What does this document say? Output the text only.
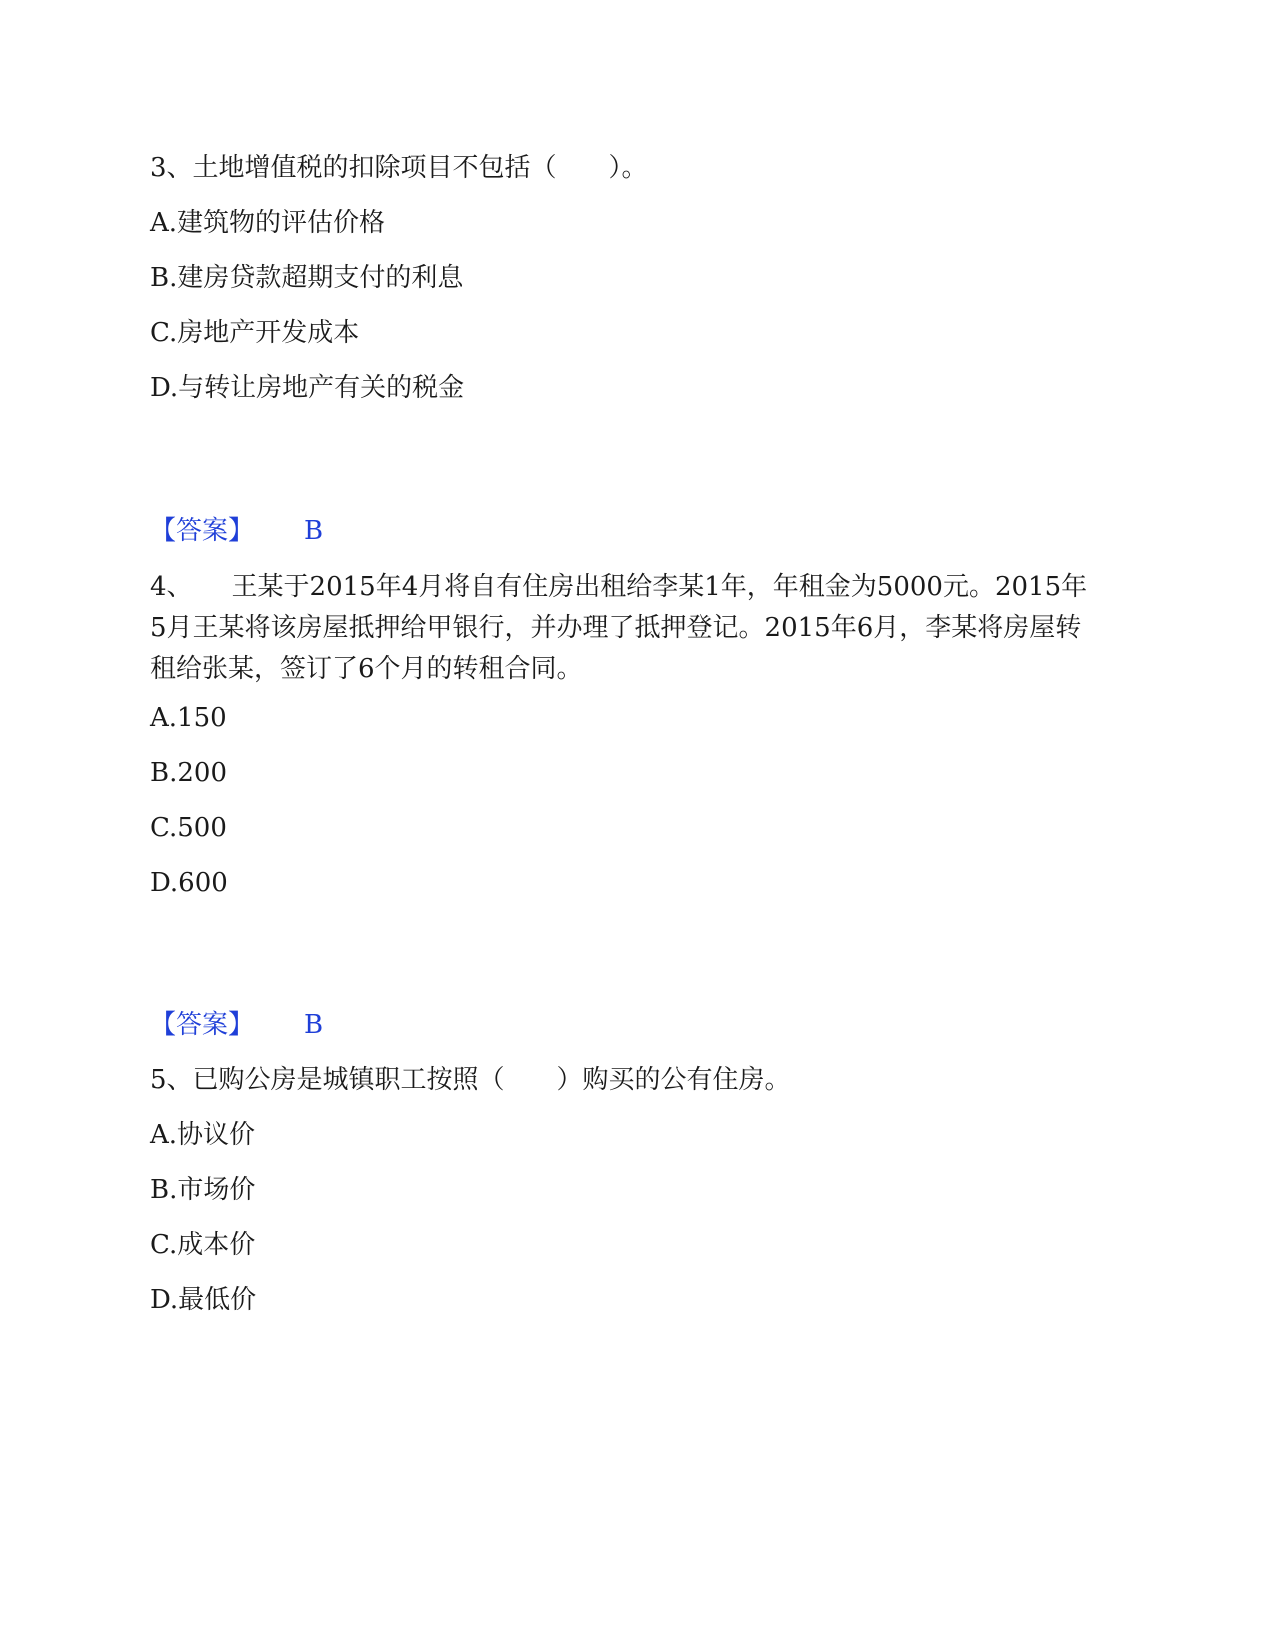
3、土地增值税的扣除项目不包括（　　）。
A.建筑物的评估价格
B.建房贷款超期支付的利息
C.房地产开发成本
D.与转让房地产有关的税金
【答案】 B
4、　　王某于2015年4月将自有住房出租给李某1年，年租金为5000元。2015年5月王某将该房屋抵押给甲银行，并办理了抵押登记。2015年6月，李某将房屋转租给张某，签订了6个月的转租合同。
A.150
B.200
C.500
D.600
【答案】 B
5、已购公房是城镇职工按照（　　）购买的公有住房。
A.协议价
B.市场价
C.成本价
D.最低价
